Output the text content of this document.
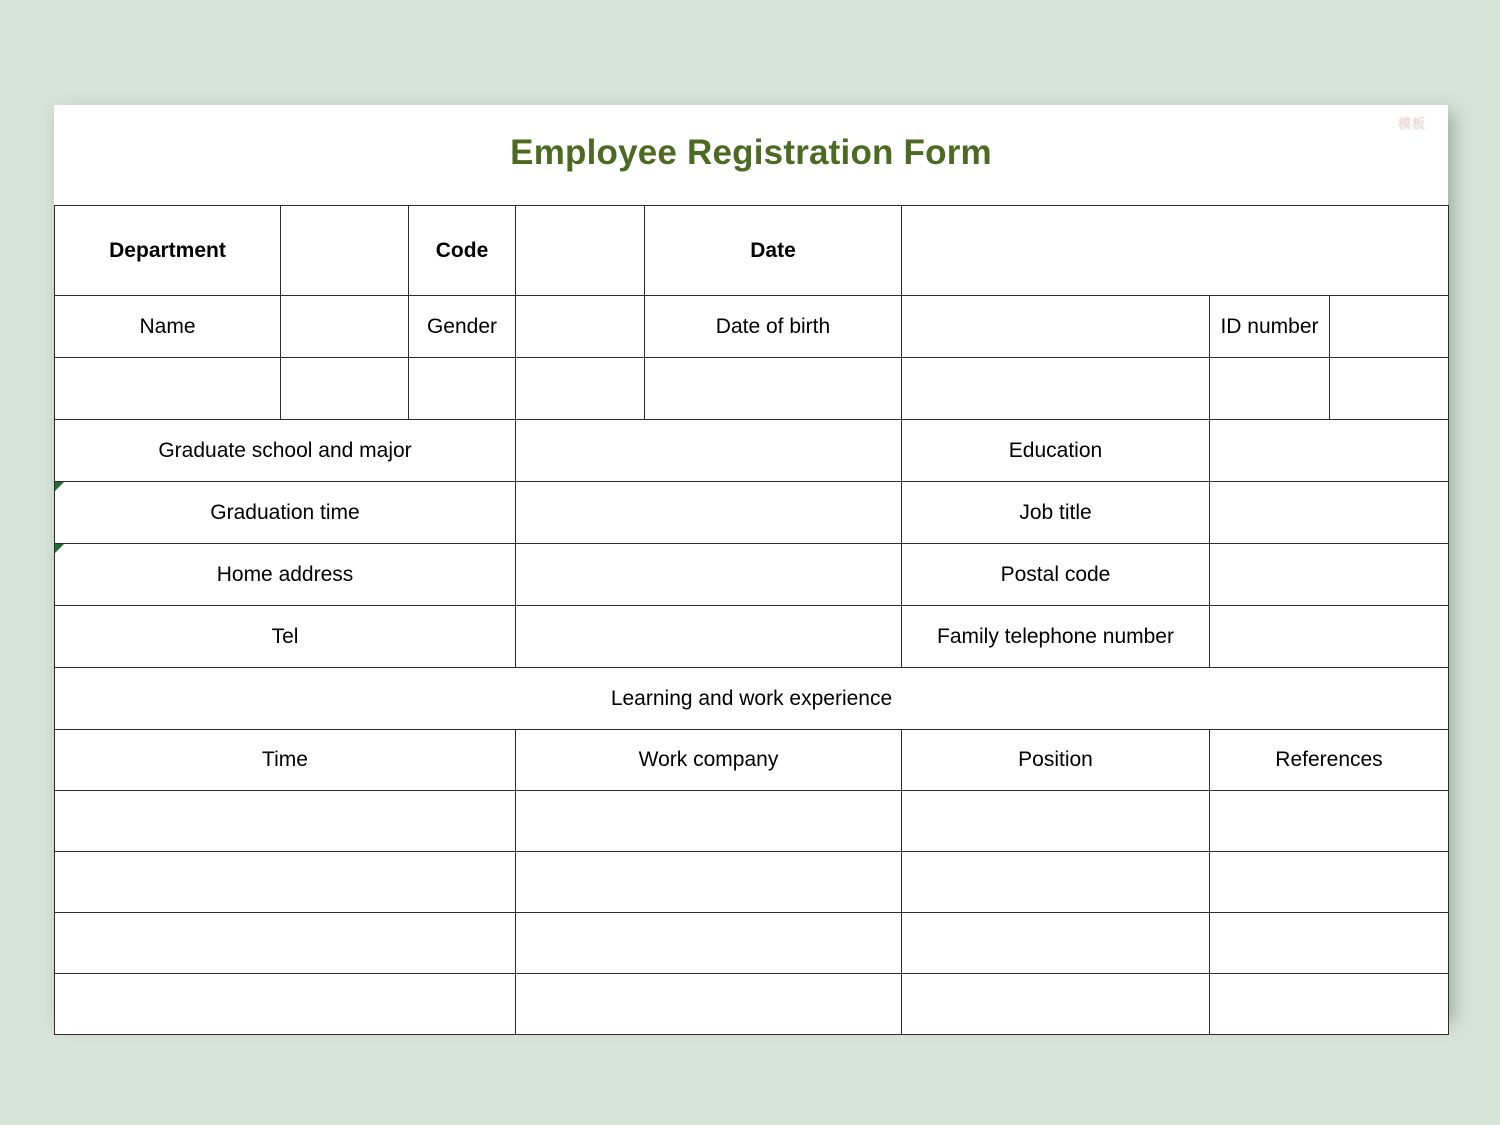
Employee Registration Form
模板
Department		Code		Date			
Name		Gender		Date of birth		ID number	

Graduate school and major					Education		
Graduation time					Job title		
Home address					Postal code		
Tel					Family telephone number		
Learning and work experience							
Time			Work company		Position	References	
